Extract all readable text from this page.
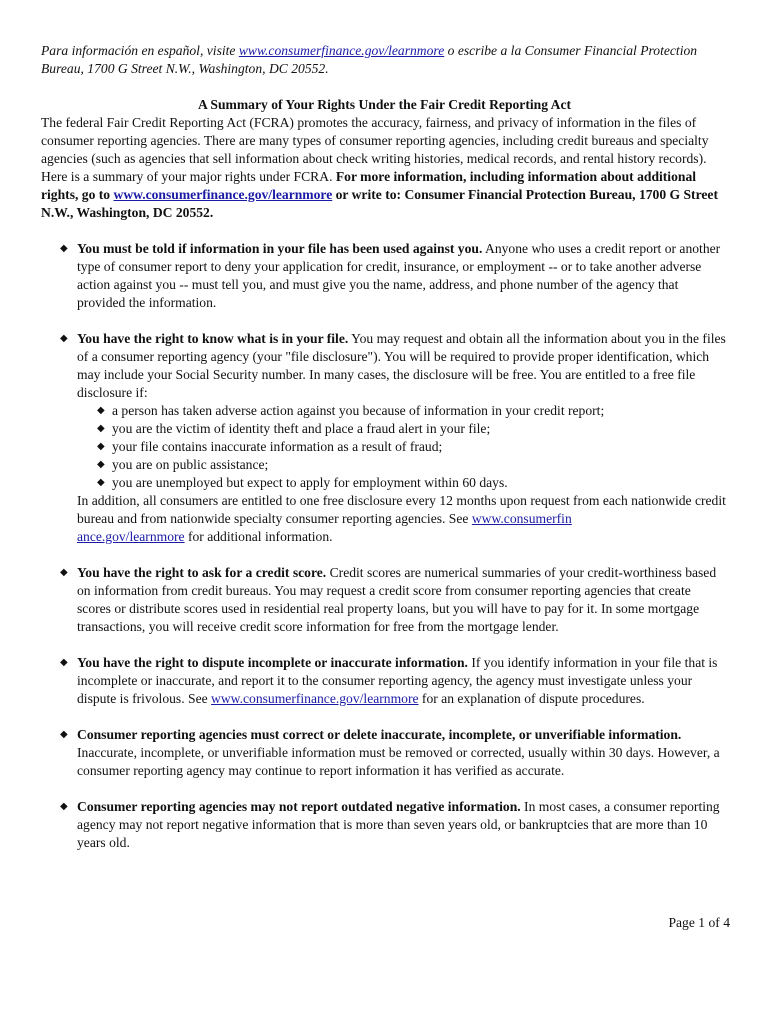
Para información en español, visite www.consumerfinance.gov/learnmore o escribe a la Consumer Financial Protection Bureau, 1700 G Street N.W., Washington, DC 20552.

A Summary of Your Rights Under the Fair Credit Reporting Act

The federal Fair Credit Reporting Act (FCRA) promotes the accuracy, fairness, and privacy of information in the files of consumer reporting agencies. There are many types of consumer reporting agencies, including credit bureaus and specialty agencies (such as agencies that sell information about check writing histories, medical records, and rental history records). Here is a summary of your major rights under FCRA. For more information, including information about additional rights, go to www.consumerfinance.gov/learnmore or write to: Consumer Financial Protection Bureau, 1700 G Street N.W., Washington, DC 20552.

◆ You must be told if information in your file has been used against you. Anyone who uses a credit report or another type of consumer report to deny your application for credit, insurance, or employment -- or to take another adverse action against you -- must tell you, and must give you the name, address, and phone number of the agency that provided the information.
◆ You have the right to know what is in your file. You may request and obtain all the information about you in the files of a consumer reporting agency (your "file disclosure"). You will be required to provide proper identification, which may include your Social Security number. In many cases, the disclosure will be free. You are entitled to a free file disclosure if:
◆ a person has taken adverse action against you because of information in your credit report;
◆ you are the victim of identity theft and place a fraud alert in your file;
◆ your file contains inaccurate information as a result of fraud;
◆ you are on public assistance;
◆ you are unemployed but expect to apply for employment within 60 days.
In addition, all consumers are entitled to one free disclosure every 12 months upon request from each nationwide credit bureau and from nationwide specialty consumer reporting agencies. See www.consumerfin
ance.gov/learnmore for additional information.
◆ You have the right to ask for a credit score. Credit scores are numerical summaries of your credit-worthiness based on information from credit bureaus. You may request a credit score from consumer reporting agencies that create scores or distribute scores used in residential real property loans, but you will have to pay for it. In some mortgage transactions, you will receive credit score information for free from the mortgage lender.
◆ You have the right to dispute incomplete or inaccurate information. If you identify information in your file that is incomplete or inaccurate, and report it to the consumer reporting agency, the agency must investigate unless your dispute is frivolous. See www.consumerfinance.gov/learnmore for an explanation of dispute procedures.
◆ Consumer reporting agencies must correct or delete inaccurate, incomplete, or unverifiable information. Inaccurate, incomplete, or unverifiable information must be removed or corrected, usually within 30 days. However, a consumer reporting agency may continue to report information it has verified as accurate.
◆ Consumer reporting agencies may not report outdated negative information. In most cases, a consumer reporting agency may not report negative information that is more than seven years old, or bankruptcies that are more than 10 years old.
Page 1 of 4
